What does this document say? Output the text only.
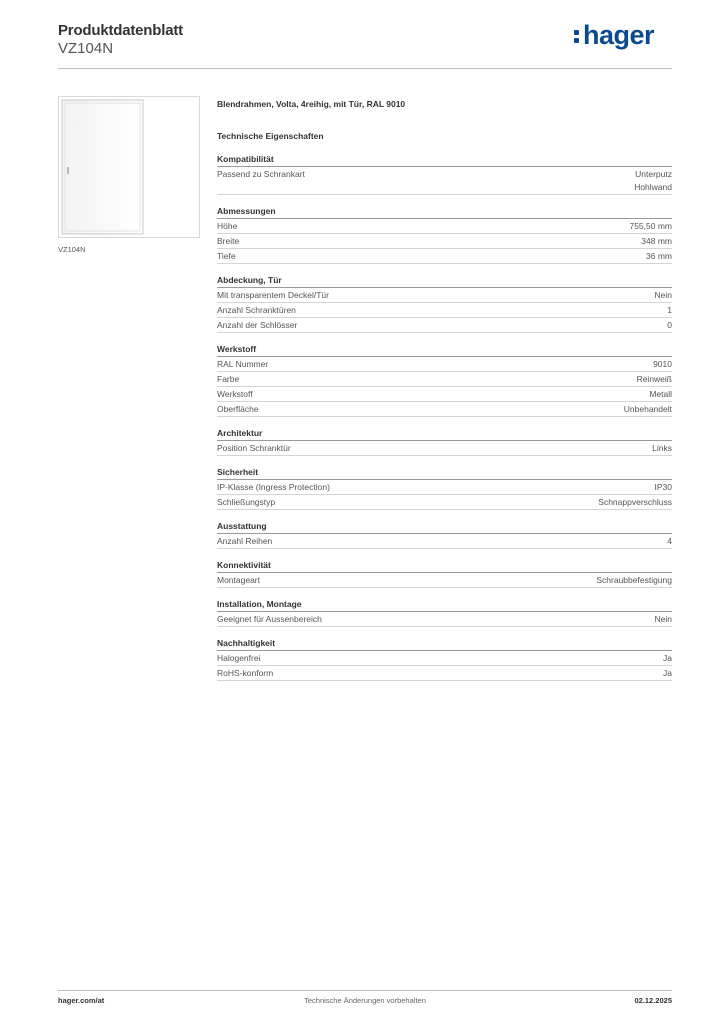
Produktdatenblatt
VZ104N	hager
VZ104N
Blendrahmen, Volta, 4reihig, mit Tür, RAL 9010
Technische Eigenschaften
Kompatibilität
Passend zu Schrankart	Unterputz
Hohlwand
Abmessungen
Höhe	755,50 mm
Breite	348 mm
Tiefe	36 mm
Abdeckung, Tür
Mit transparentem Deckel/Tür	Nein
Anzahl Schranktüren	1
Anzahl der Schlösser	0
Werkstoff
RAL Nummer	9010
Farbe	Reinweiß
Werkstoff	Metall
Oberfläche	Unbehandelt
Architektur
Position Schranktür	Links
Sicherheit
IP-Klasse (Ingress Protection)	IP30
Schließungstyp	Schnappverschluss
Ausstattung
Anzahl Reihen	4
Konnektivität
Montageart	Schraubbefestigung
Installation, Montage
Geeignet für Aussenbereich	Nein
Nachhaltigkeit
Halogenfrei	Ja
RoHS-konform	Ja
Technische Änderungen vorbehalten
hager.com/at	02.12.2025
